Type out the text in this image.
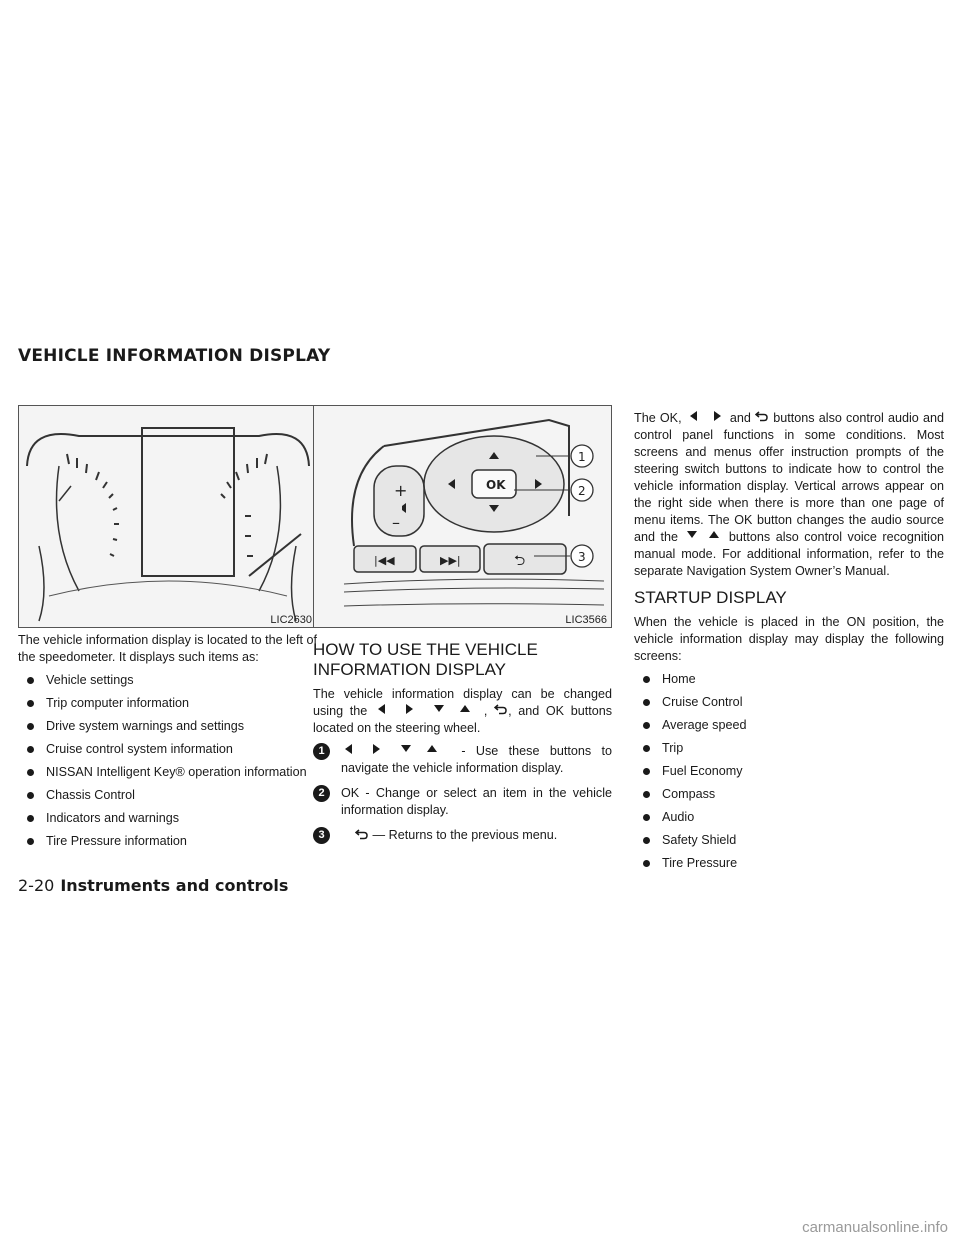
VEHICLE INFORMATION DISPLAY
LIC2630
+
–
OK
|◀◀	▶▶|	⮌
1
2
3
LIC3566

The vehicle information display is located to the left of the speedometer. It displays such items as:

Vehicle settings
Trip computer information
Drive system warnings and settings
Cruise control system information
NISSAN Intelligent Key® operation information
Chassis Control
Indicators and warnings
Tire Pressure information
HOW TO USE THE VEHICLE INFORMATION DISPLAY

The vehicle information display can be changed using the	, , and OK buttons located on the steering wheel.

1	- Use these buttons to navigate the vehicle information display.
2	OK - Change or select an item in the vehicle information display.
3	— Returns to the previous menu.

The OK,	and buttons also control audio and control panel functions in some conditions. Most screens and menus offer instruction prompts of the steering switch buttons to indicate how to control the vehicle information display. Vertical arrows appear on the right side when there is more than one page of menu items. The OK button changes the audio source and the	buttons also control voice recognition manual mode. For additional information, refer to the separate Navigation System Owner’s Manual.

STARTUP DISPLAY

When the vehicle is placed in the ON position, the vehicle information display may display the following screens:

Home
Cruise Control
Average speed
Trip
Fuel Economy
Compass
Audio
Safety Shield
Tire Pressure
2-20 Instruments and controls
carmanualsonline.info
